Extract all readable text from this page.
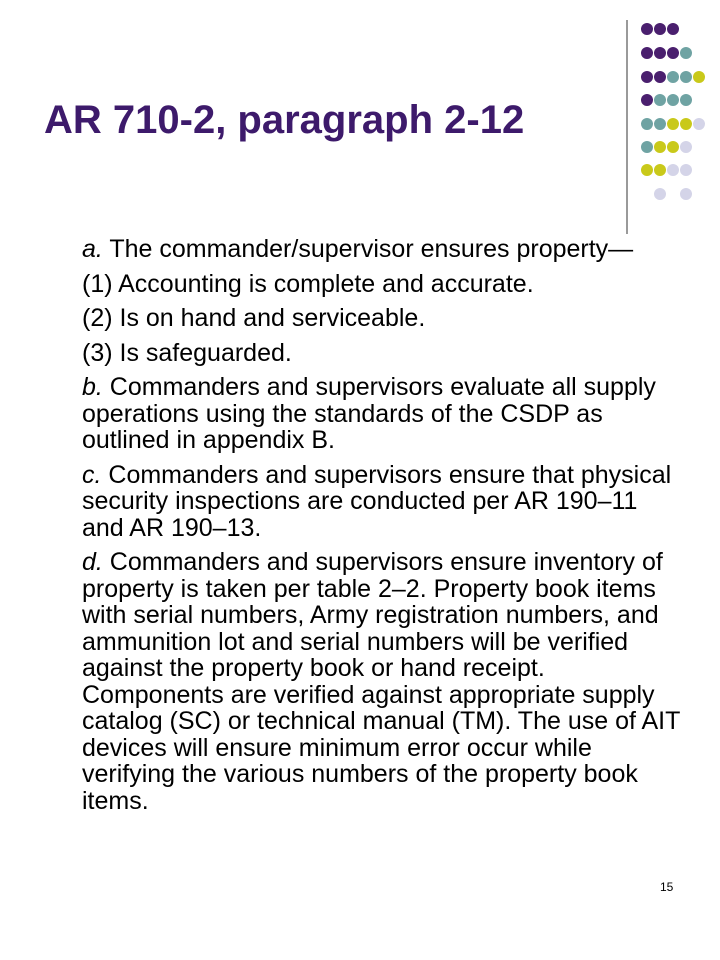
AR 710-2, paragraph 2-12

a. The commander/supervisor ensures property—

(1) Accounting is complete and accurate.

(2) Is on hand and serviceable.

(3) Is safeguarded.

b. Commanders and supervisors evaluate all supply operations using the standards of the CSDP as outlined in appendix B.

c. Commanders and supervisors ensure that physical security inspections are conducted per AR 190–11 and AR 190–13.

d. Commanders and supervisors ensure inventory of property is taken per table 2–2. Property book items with serial numbers, Army registration numbers, and ammunition lot and serial numbers will be verified against the property book or hand receipt. Components are verified against appropriate supply catalog (SC) or technical manual (TM). The use of AIT devices will ensure minimum error occur while verifying the various numbers of the property book items.

15
